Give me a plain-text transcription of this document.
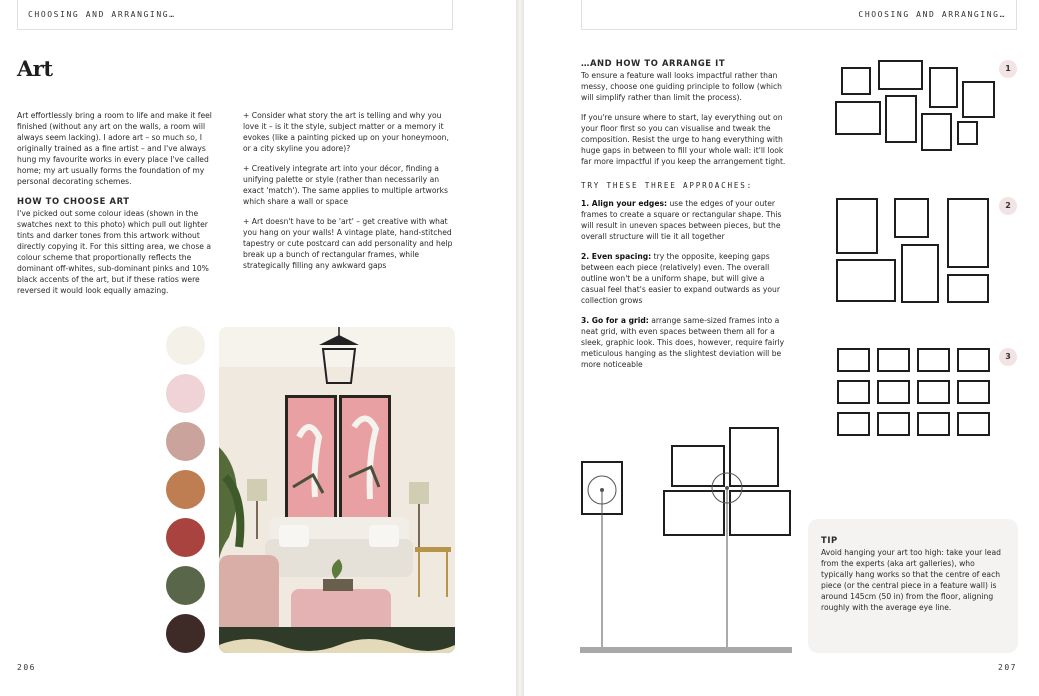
CHOOSING AND ARRANGING…	CHOOSING AND ARRANGING…
Art

Art effortlessly bring a room to life and make it feel finished (without any art on the walls, a room will always seem lacking). I adore art – so much so, I originally trained as a fine artist – and I've always hung my favourite works in every place I've called home; my art usually forms the foundation of my personal decorating schemes.

HOW TO CHOOSE ART

I've picked out some colour ideas (shown in the swatches next to this photo) which pull out lighter tints and darker tones from this artwork without directly copying it. For this sitting area, we chose a colour scheme that proportionally reflects the dominant off-whites, sub-dominant pinks and 10% black accents of the art, but if these ratios were reversed it would look equally amazing.

+ Consider what story the art is telling and why you love it – is it the style, subject matter or a memory it evokes (like a painting picked up on your honeymoon, or a city skyline you adore)?

+ Creatively integrate art into your décor, finding a unifying palette or style (rather than necessarily an exact 'match'). The same applies to multiple artworks which share a wall or space

+ Art doesn't have to be 'art' – get creative with what you hang on your walls! A vintage plate, hand-stitched tapestry or cute postcard can add personality and help break up a bunch of rectangular frames, while strategically filling any awkward gaps

…AND HOW TO ARRANGE IT

To ensure a feature wall looks impactful rather than messy, choose one guiding principle to follow (which will simplify rather than limit the process).

If you're unsure where to start, lay everything out on your floor first so you can visualise and tweak the composition. Resist the urge to hang everything with huge gaps in between to fill your whole wall: it'll look far more impactful if you keep the arrangement tight.

TRY THESE THREE APPROACHES:

1. Align your edges: use the edges of your outer frames to create a square or rectangular shape. This will result in uneven spaces between pieces, but the overall structure will tie it all together

2. Even spacing: try the opposite, keeping gaps between each piece (relatively) even. The overall outline won't be a uniform shape, but will give a casual feel that's easier to expand outwards as your collection grows

3. Go for a grid: arrange same-sized frames into a neat grid, with even spaces between them all for a sleek, graphic look. This does, however, require fairly meticulous hanging as the slightest deviation will be more noticeable

1
2
3
TIP

Avoid hanging your art too high: take your lead from the experts (aka art galleries), who typically hang works so that the centre of each piece (or the central piece in a feature wall) is around 145cm (50 in) from the floor, aligning roughly with the average eye line.

206	207
